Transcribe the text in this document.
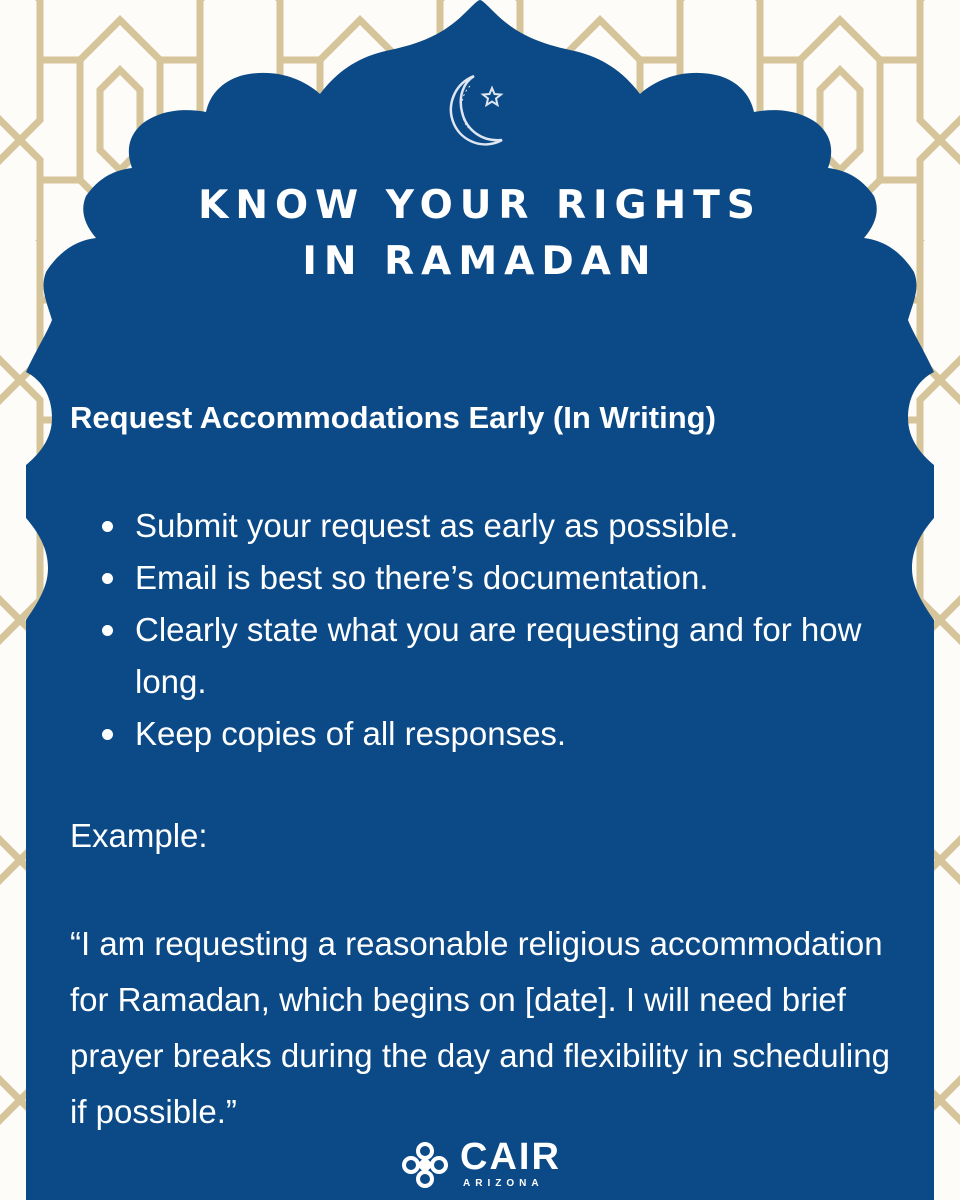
KNOW YOUR RIGHTS
IN RAMADAN
Request Accommodations Early (In Writing)
Submit your request as early as possible.
Email is best so there’s documentation.
Clearly state what you are requesting and for how long.
Keep copies of all responses.

Example:

“I am requesting a reasonable religious accommodation for Ramadan, which begins on [date]. I will need brief prayer breaks during the day and flexibility in scheduling if possible.”

CAIR

ARIZONA
